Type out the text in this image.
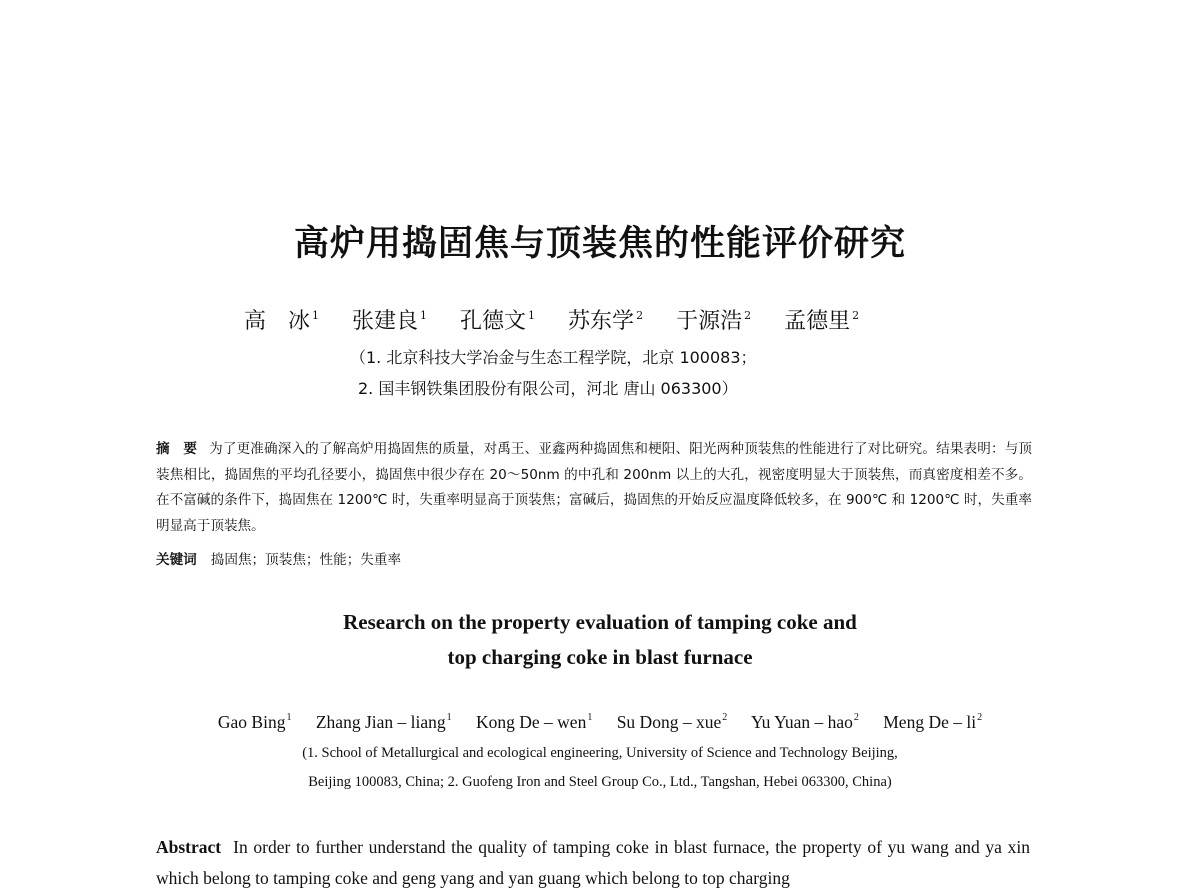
高炉用捣固焦与顶装焦的性能评价研究
高　冰 $^1$ 张建良 $^1$ 孔德文 $^1$ 苏东学 $^2$ 于源浩 $^2$ 孟德里 $^2$
（1. 北京科技大学冶金与生态工程学院，北京 100083；
2. 国丰钢铁集团股份有限公司，河北 唐山 063300）
摘　要 为了更准确深入的了解高炉用捣固焦的质量，对禹王、亚鑫两种捣固焦和梗阳、阳光两种顶装焦的性能进行了对比研究。结果表明：与顶装焦相比，捣固焦的平均孔径要小，捣固焦中很少存在 20～50nm 的中孔和 200nm 以上的大孔，视密度明显大于顶装焦，而真密度相差不多。在不富碱的条件下，捣固焦在 1200℃ 时，失重率明显高于顶装焦；富碱后，捣固焦的开始反应温度降低较多，在 900℃ 和 1200℃ 时，失重率明显高于顶装焦。
关键词 捣固焦；顶装焦；性能；失重率
Research on the property evaluation of tamping coke and
top charging coke in blast furnace
Gao Bing$^1$ Zhang Jian – liang$^1$ Kong De – wen$^1$ Su Dong – xue$^2$ Yu Yuan – hao$^2$ Meng De – $li^2$
(1. School of Metallurgical and ecological engineering, University of Science and Technology Beijing,
Beijing 100083, China; 2. Guofeng Iron and Steel Group Co., Ltd., Tangshan, Hebei 063300, China)
Abstract In order to further understand the quality of tamping coke in blast furnace, the property of yu wang and ya xin which belong to tamping coke and geng yang and yan guang which belong to top charging
